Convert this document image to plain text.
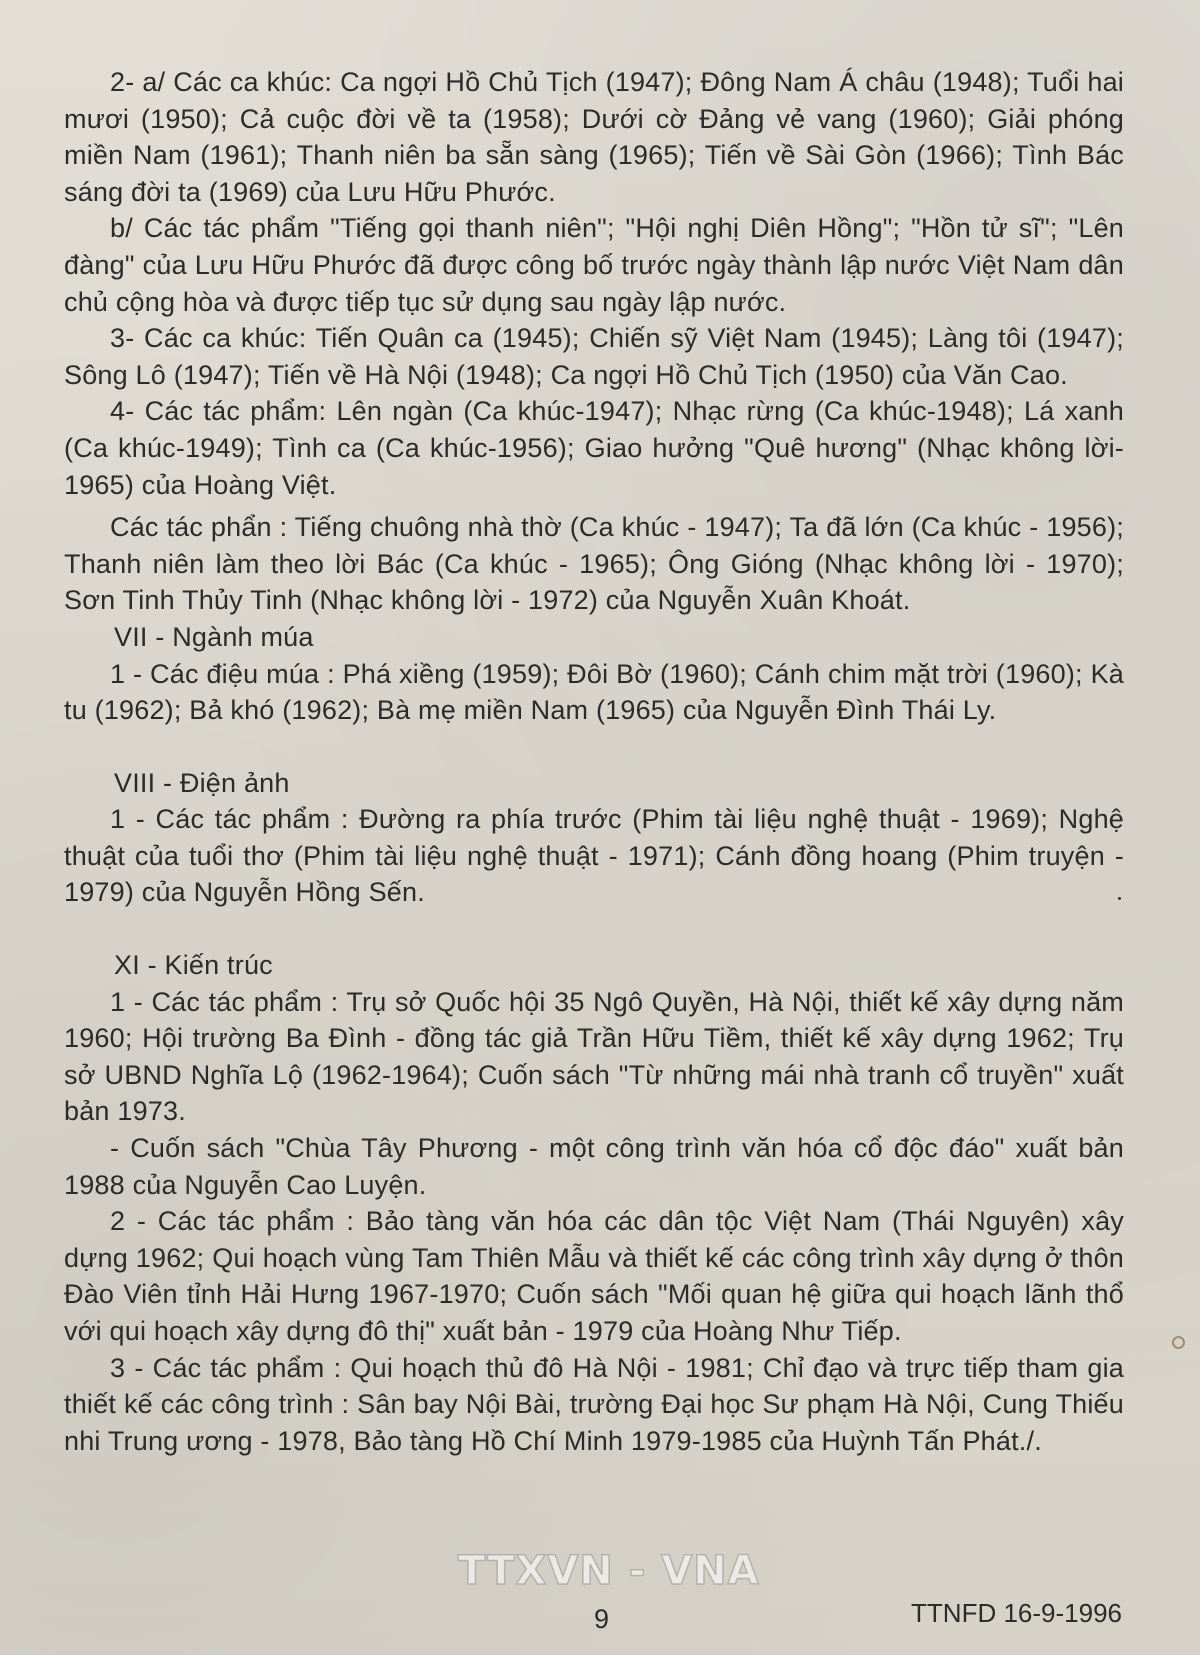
2- a/ Các ca khúc: Ca ngợi Hồ Chủ Tịch (1947); Đông Nam Á châu (1948); Tuổi hai mươi (1950); Cả cuộc đời về ta (1958); Dưới cờ Đảng vẻ vang (1960); Giải phóng miền Nam (1961); Thanh niên ba sẵn sàng (1965); Tiến về Sài Gòn (1966); Tình Bác sáng đời ta (1969) của Lưu Hữu Phước.

b/ Các tác phẩm "Tiếng gọi thanh niên"; "Hội nghị Diên Hồng"; "Hồn tử sĩ"; "Lên đàng" của Lưu Hữu Phước đã được công bố trước ngày thành lập nước Việt Nam dân chủ cộng hòa và được tiếp tục sử dụng sau ngày lập nước.

3- Các ca khúc: Tiến Quân ca (1945); Chiến sỹ Việt Nam (1945); Làng tôi (1947); Sông Lô (1947); Tiến về Hà Nội (1948); Ca ngợi Hồ Chủ Tịch (1950) của Văn Cao.

4- Các tác phẩm: Lên ngàn (Ca khúc-1947); Nhạc rừng (Ca khúc-1948); Lá xanh (Ca khúc-1949); Tình ca (Ca khúc-1956); Giao hưởng "Quê hương" (Nhạc không lời-1965) của Hoàng Việt.

Các tác phẩn : Tiếng chuông nhà thờ (Ca khúc - 1947); Ta đã lớn (Ca khúc - 1956); Thanh niên làm theo lời Bác (Ca khúc - 1965); Ông Gióng (Nhạc không lời - 1970); Sơn Tinh Thủy Tinh (Nhạc không lời - 1972) của Nguyễn Xuân Khoát.

VII - Ngành múa

1 - Các điệu múa : Phá xiềng (1959); Đôi Bờ (1960); Cánh chim mặt trời (1960); Kà tu (1962); Bả khó (1962); Bà mẹ miền Nam (1965) của Nguyễn Đình Thái Ly.

VIII - Điện ảnh

1 - Các tác phẩm : Đường ra phía trước (Phim tài liệu nghệ thuật - 1969); Nghệ thuật của tuổi thơ (Phim tài liệu nghệ thuật - 1971); Cánh đồng hoang (Phim truyện - 1979) của Nguyễn Hồng Sến.

XI - Kiến trúc

1 - Các tác phẩm : Trụ sở Quốc hội 35 Ngô Quyền, Hà Nội, thiết kế xây dựng năm 1960; Hội trường Ba Đình - đồng tác giả Trần Hữu Tiềm, thiết kế xây dựng 1962; Trụ sở UBND Nghĩa Lộ (1962-1964); Cuốn sách "Từ những mái nhà tranh cổ truyền" xuất bản 1973.

- Cuốn sách "Chùa Tây Phương - một công trình văn hóa cổ độc đáo" xuất bản 1988 của Nguyễn Cao Luyện.

2 - Các tác phẩm : Bảo tàng văn hóa các dân tộc Việt Nam (Thái Nguyên) xây dựng 1962; Qui hoạch vùng Tam Thiên Mẫu và thiết kế các công trình xây dựng ở thôn Đào Viên tỉnh Hải Hưng 1967-1970; Cuốn sách "Mối quan hệ giữa qui hoạch lãnh thổ với qui hoạch xây dựng đô thị" xuất bản - 1979 của Hoàng Như Tiếp.

3 - Các tác phẩm : Qui hoạch thủ đô Hà Nội - 1981; Chỉ đạo và trực tiếp tham gia thiết kế các công trình : Sân bay Nội Bài, trường Đại học Sư phạm Hà Nội, Cung Thiếu nhi Trung ương - 1978, Bảo tàng Hồ Chí Minh 1979-1985 của Huỳnh Tấn Phát./.

TTXVN - VNA
9	TTNFD 16-9-1996
